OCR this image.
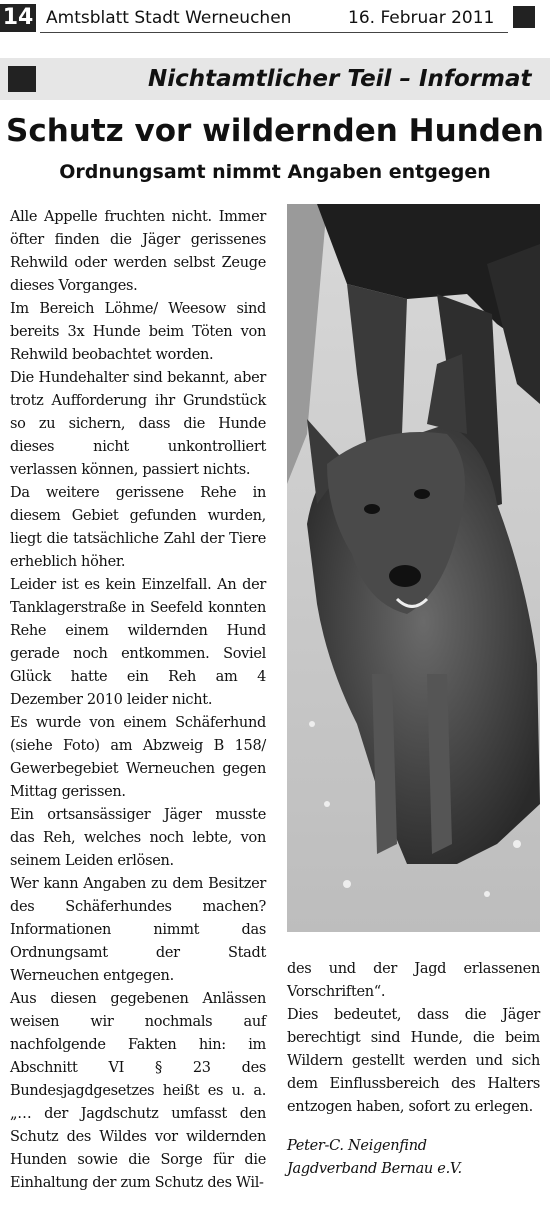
14 Amtsblatt Stadt Werneuchen	16. Februar 2011
Nichtamtlicher Teil – Informat
Schutz vor wildernden Hunden
Ordnungsamt nimmt Angaben entgegen

Alle Appelle fruchten nicht. Immer öfter finden die Jäger gerissenes Rehwild oder werden selbst Zeuge dieses Vorganges.

Im Bereich Löhme/ Weesow sind bereits 3x Hunde beim Töten von Rehwild beobachtet worden.

Die Hundehalter sind bekannt, aber trotz Aufforderung ihr Grundstück so zu sichern, dass die Hunde dieses nicht unkontrolliert verlassen können, passiert nichts.

Da weitere gerissene Rehe in diesem Gebiet gefunden wurden, liegt die tatsächliche Zahl der Tiere erheblich höher.

Leider ist es kein Einzelfall. An der Tanklagerstraße in Seefeld konnten Rehe einem wildernden Hund gerade noch entkommen. Soviel Glück hatte ein Reh am 4 Dezember 2010 leider nicht.

Es wurde von einem Schäferhund (siehe Foto) am Abzweig B 158/ Gewerbegebiet Werneuchen gegen Mittag gerissen.

Ein ortsansässiger Jäger musste das Reh, welches noch lebte, von seinem Leiden erlösen.

Wer kann Angaben zu dem Besitzer des Schäferhundes machen? Informationen nimmt das Ordnungsamt der Stadt Werneuchen entgegen.

Aus diesen gegebenen Anlässen weisen wir nochmals auf nachfolgende Fakten hin: im Abschnitt VI § 23 des Bundesjagdgesetzes heißt es u. a. „… der Jagdschutz umfasst den Schutz des Wildes vor wildernden Hunden sowie die Sorge für die Einhaltung der zum Schutz des Wil-

des und der Jagd erlassenen Vorschriften“.

Dies bedeutet, dass die Jäger berechtigt sind Hunde, die beim Wildern gestellt werden und sich dem Einflussbereich des Halters entzogen haben, sofort zu erlegen.

Peter-C. Neigenfind
Jagdverband Bernau e.V.
